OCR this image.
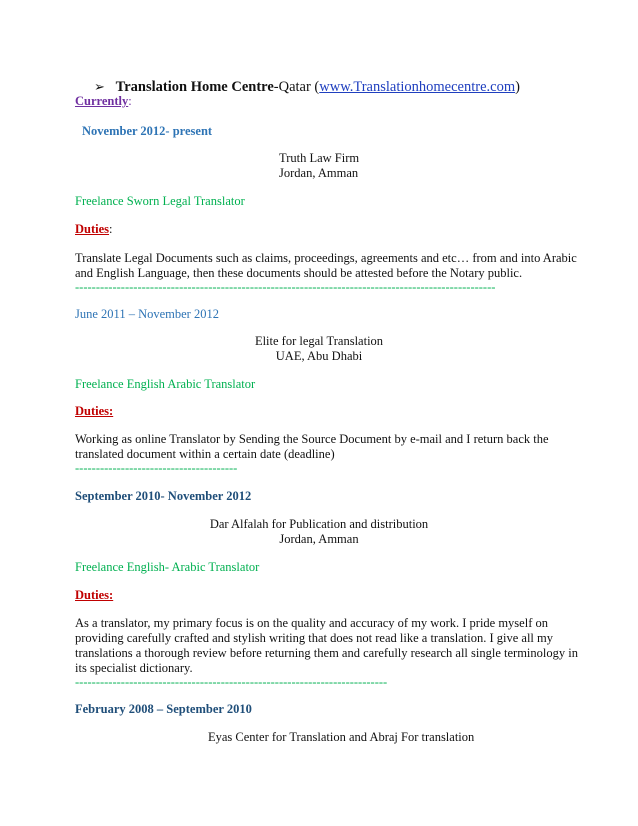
➢ Translation Home Centre-Qatar (www.Translationhomecentre.com)
Currently:
November 2012- present
Truth Law Firm
Jordan, Amman
Freelance Sworn Legal Translator
Duties:
Translate Legal Documents such as claims, proceedings, agreements and etc… from and into Arabic
and English Language, then these documents should be attested before the Notary public.
-----------------------------------------------------------------------------------------------------
June 2011 – November 2012
Elite for legal Translation
UAE, Abu Dhabi
Freelance English Arabic Translator
Duties:
Working as online Translator by Sending the Source Document by e-mail and I return back the
translated document within a certain date (deadline)
---------------------------------------
September 2010- November 2012
Dar Alfalah for Publication and distribution
Jordan, Amman
Freelance English- Arabic Translator
Duties:
As a translator, my primary focus is on the quality and accuracy of my work. I pride myself on
providing carefully crafted and stylish writing that does not read like a translation. I give all my
translations a thorough review before returning them and carefully research all single terminology in
its specialist dictionary.
---------------------------------------------------------------------------
February 2008 – September 2010
Eyas Center for Translation and Abraj For translation
